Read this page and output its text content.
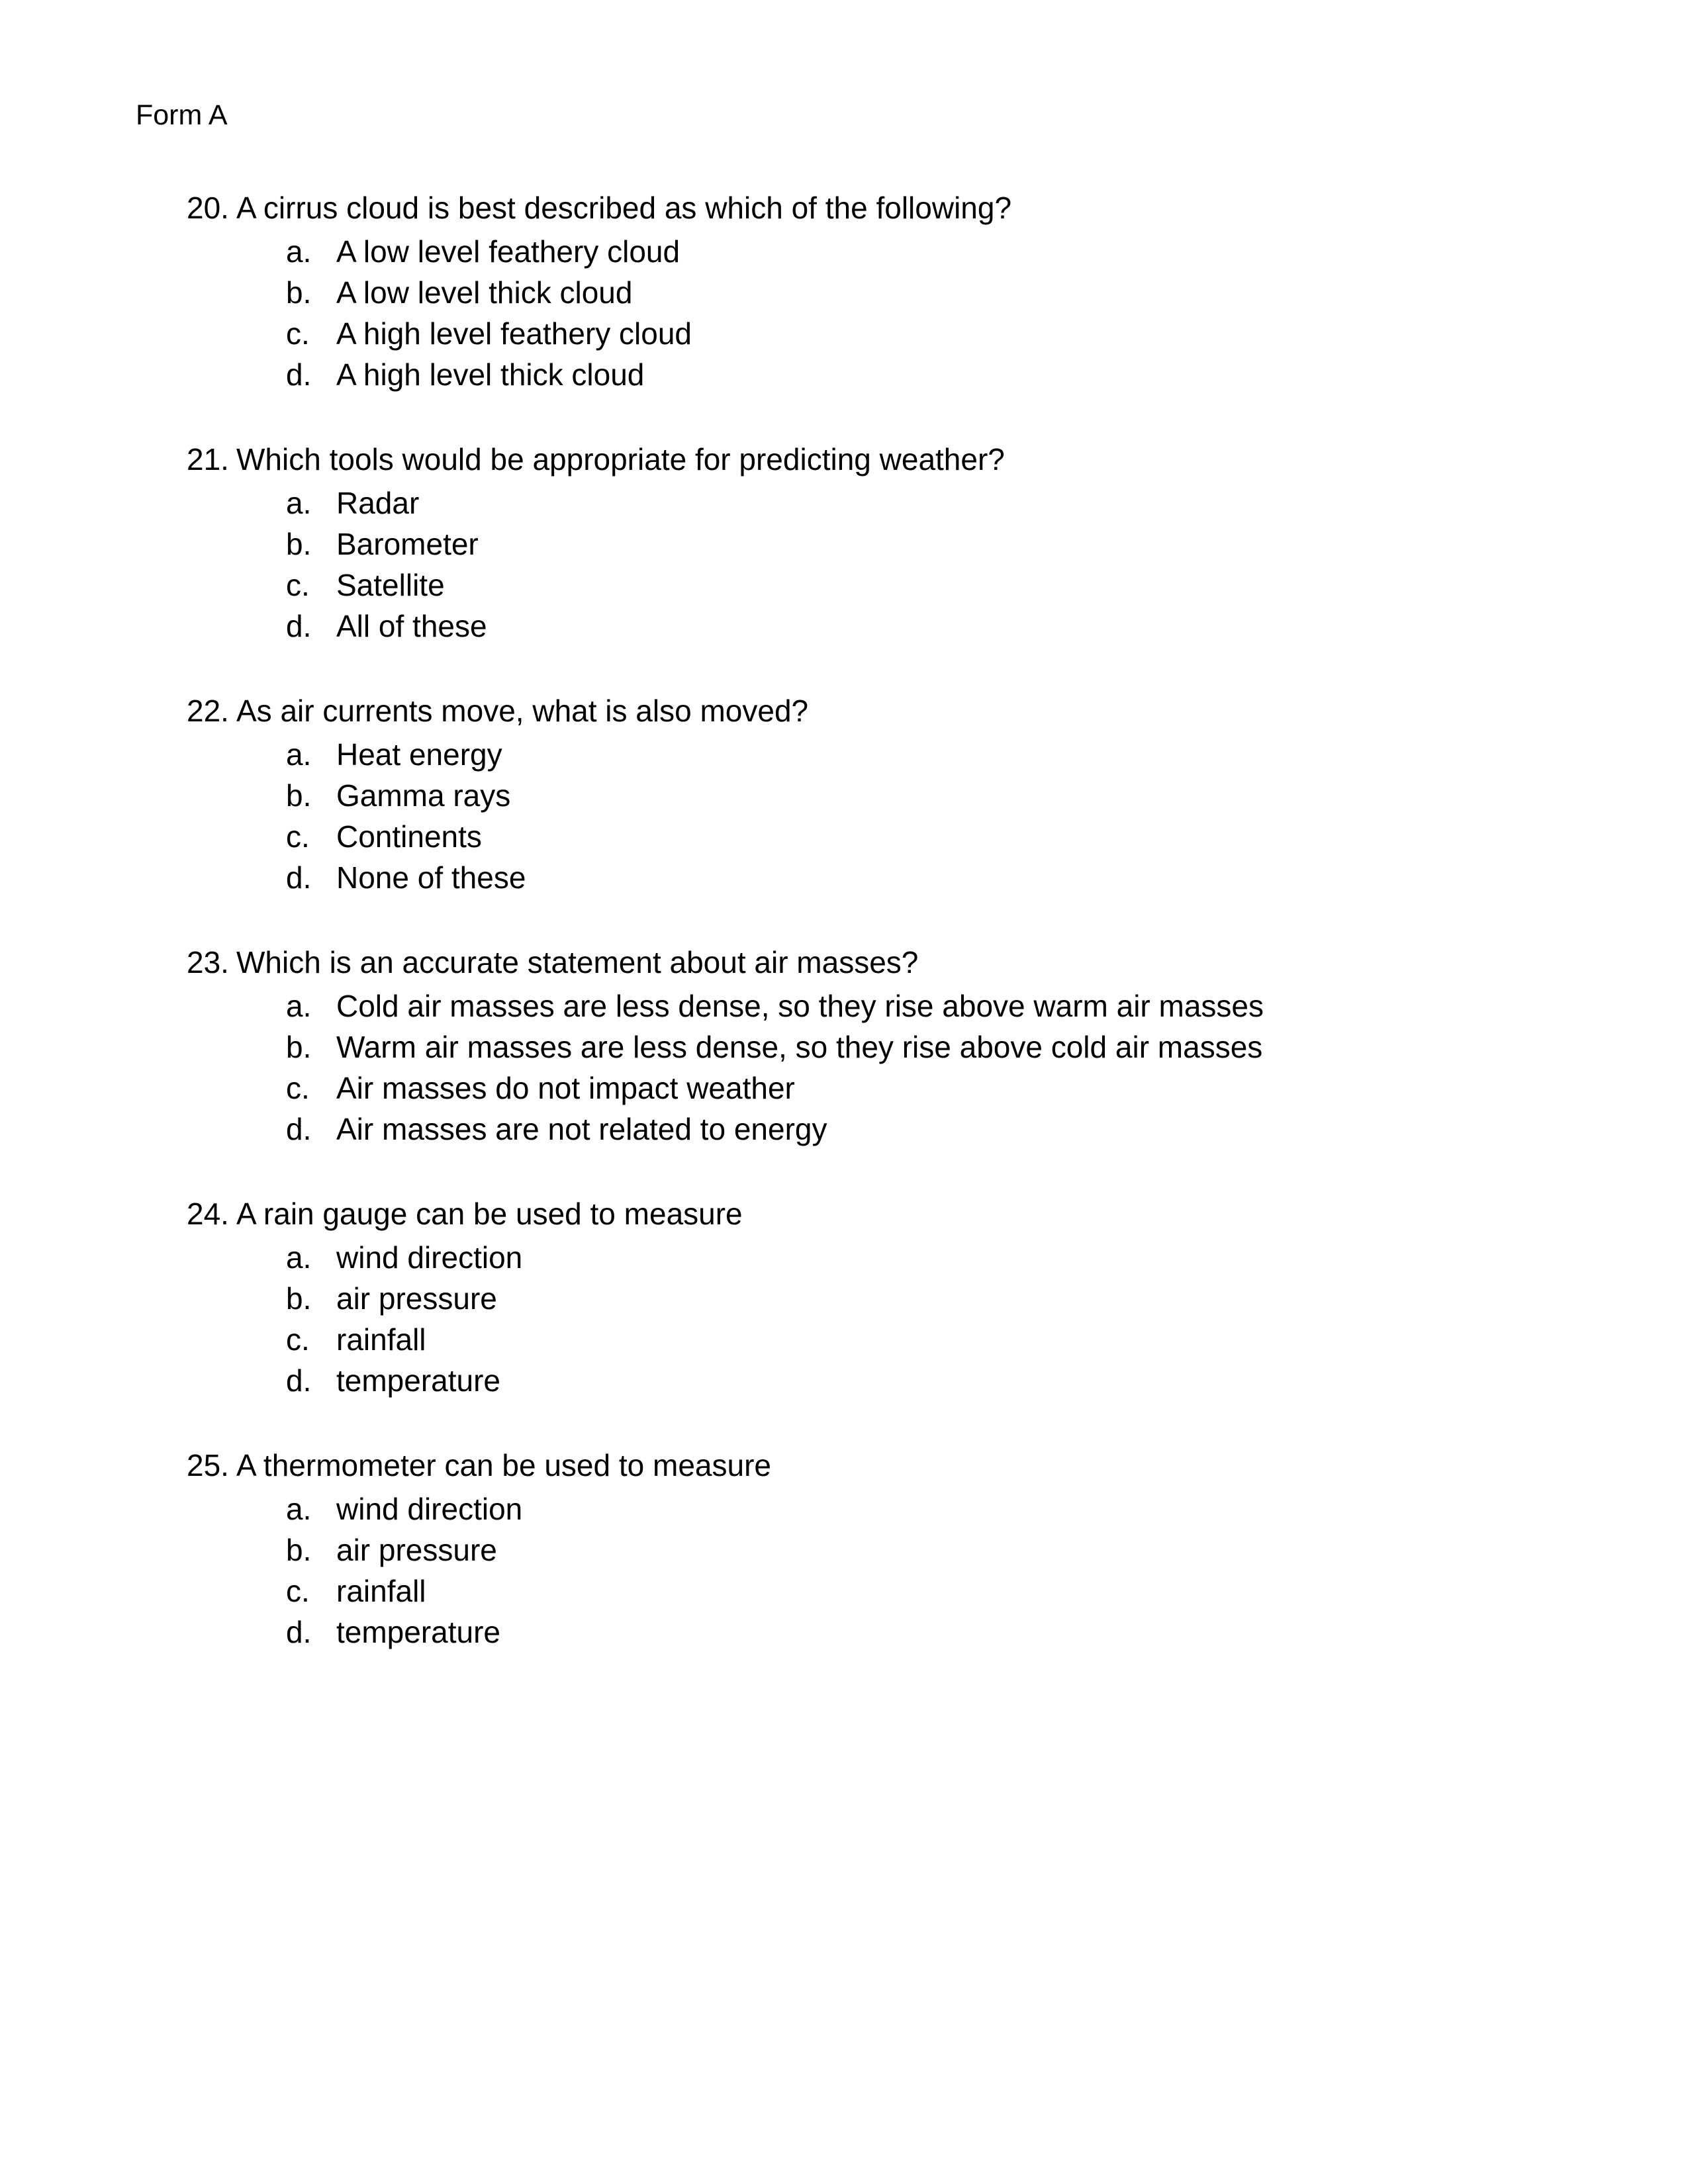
Form A
20. A cirrus cloud is best described as which of the following?
a. A low level feathery cloud
b. A low level thick cloud
c. A high level feathery cloud
d. A high level thick cloud
21. Which tools would be appropriate for predicting weather?
a. Radar
b. Barometer
c. Satellite
d. All of these
22. As air currents move, what is also moved?
a. Heat energy
b. Gamma rays
c. Continents
d. None of these
23. Which is an accurate statement about air masses?
a. Cold air masses are less dense, so they rise above warm air masses
b. Warm air masses are less dense, so they rise above cold air masses
c. Air masses do not impact weather
d. Air masses are not related to energy
24. A rain gauge can be used to measure
a. wind direction
b. air pressure
c. rainfall
d. temperature
25. A thermometer can be used to measure
a. wind direction
b. air pressure
c. rainfall
d. temperature
